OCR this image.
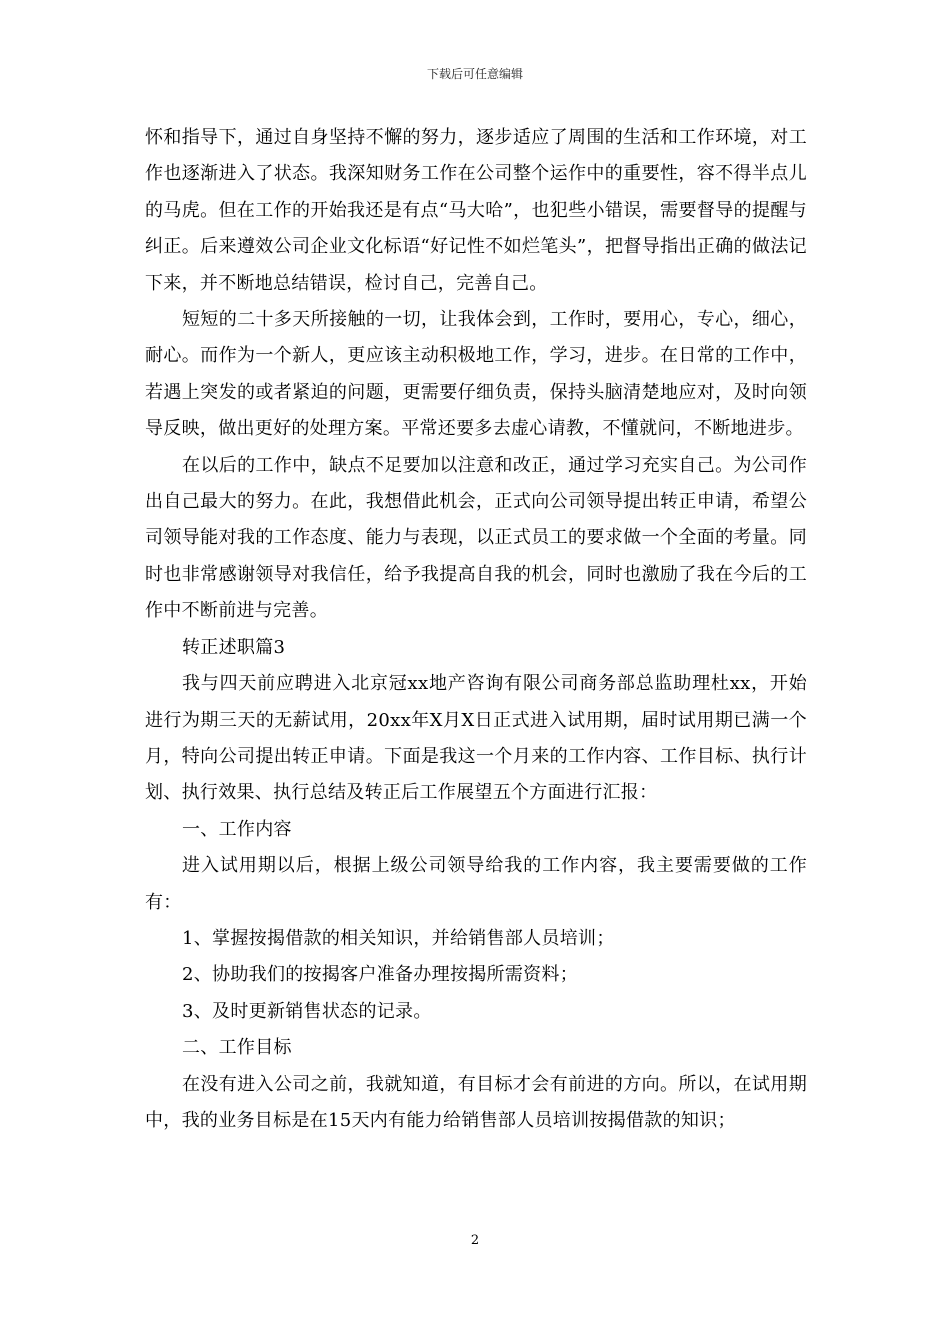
下载后可任意编辑

怀和指导下，通过自身坚持不懈的努力，逐步适应了周围的生活和工作环境，对工作也逐渐进入了状态。我深知财务工作在公司整个运作中的重要性，容不得半点儿的马虎。但在工作的开始我还是有点“马大哈”，也犯些小错误，需要督导的提醒与纠正。后来遵效公司企业文化标语“好记性不如烂笔头”，把督导指出正确的做法记下来，并不断地总结错误，检讨自己，完善自己。

短短的二十多天所接触的一切，让我体会到，工作时，要用心，专心，细心，耐心。而作为一个新人，更应该主动积极地工作，学习，进步。在日常的工作中，若遇上突发的或者紧迫的问题，更需要仔细负责，保持头脑清楚地应对，及时向领导反映，做出更好的处理方案。平常还要多去虚心请教，不懂就问，不断地进步。

在以后的工作中，缺点不足要加以注意和改正，通过学习充实自己。为公司作出自己最大的努力。在此，我想借此机会，正式向公司领导提出转正申请，希望公司领导能对我的工作态度、能力与表现，以正式员工的要求做一个全面的考量。同时也非常感谢领导对我信任，给予我提高自我的机会，同时也激励了我在今后的工作中不断前进与完善。

转正述职篇3

我与四天前应聘进入北京冠xx地产咨询有限公司商务部总监助理杜xx，开始进行为期三天的无薪试用，20xx年X月X日正式进入试用期，届时试用期已满一个月，特向公司提出转正申请。下面是我这一个月来的工作内容、工作目标、执行计划、执行效果、执行总结及转正后工作展望五个方面进行汇报：

一、工作内容

进入试用期以后，根据上级公司领导给我的工作内容，我主要需要做的工作有：

1、掌握按揭借款的相关知识，并给销售部人员培训；

2、协助我们的按揭客户准备办理按揭所需资料；

3、及时更新销售状态的记录。

二、工作目标

在没有进入公司之前，我就知道，有目标才会有前进的方向。所以，在试用期中，我的业务目标是在15天内有能力给销售部人员培训按揭借款的知识；

2
